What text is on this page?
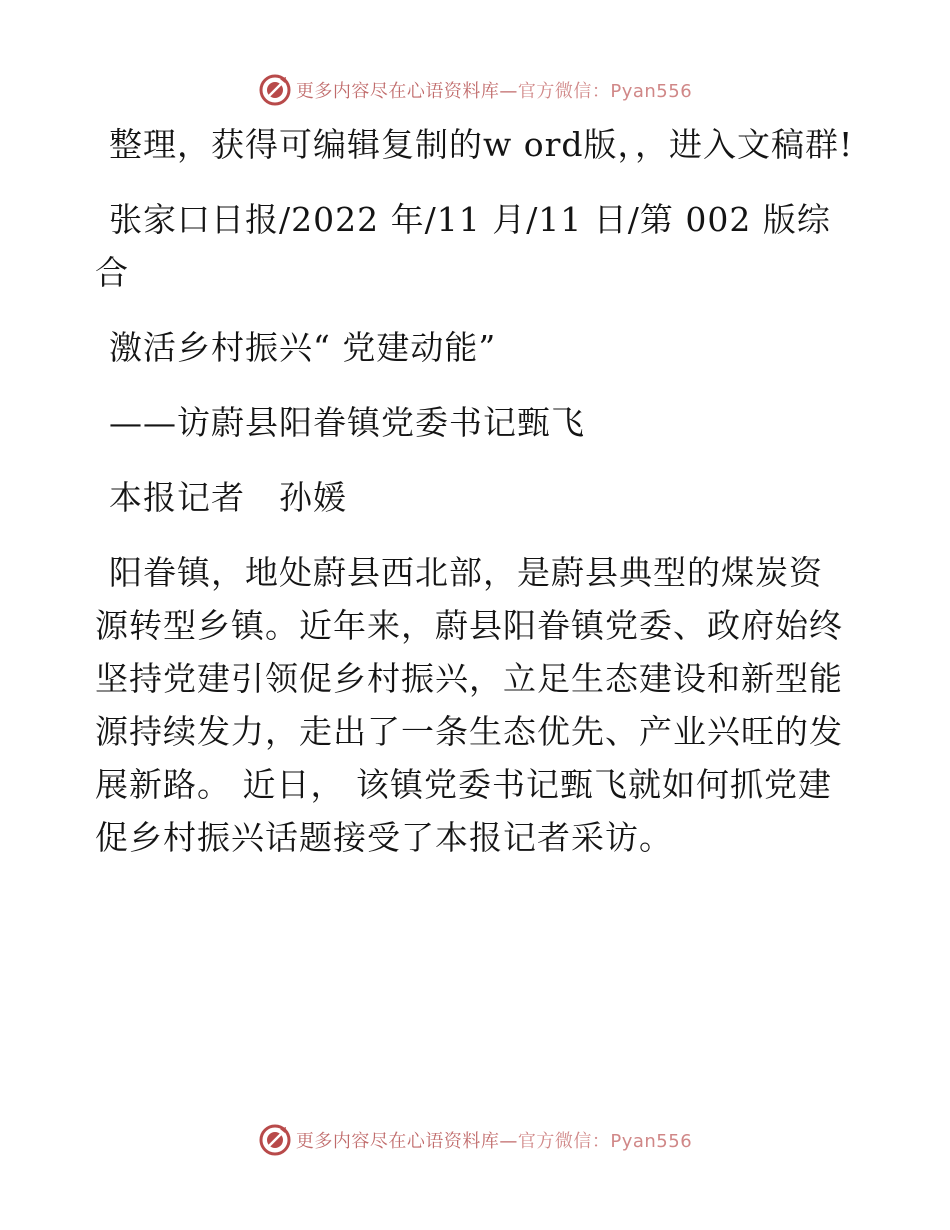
更多内容尽在心语资料库—官方微信：Pyan556

整理，获得可编辑复制的w ord版，，进入文稿群!

张家口日报/2022 年/11 月/11 日/第 002 版综合

激活乡村振兴“ 党建动能”

——访蔚县阳眷镇党委书记甄飞

本报记者　孙媛

阳眷镇，地处蔚县西北部，是蔚县典型的煤炭资源转型乡镇。近年来，蔚县阳眷镇党委、政府始终坚持党建引领促乡村振兴，立足生态建设和新型能源持续发力，走出了一条生态优先、产业兴旺的发展新路。 近日， 该镇党委书记甄飞就如何抓党建促乡村振兴话题接受了本报记者采访。

更多内容尽在心语资料库—官方微信：Pyan556
